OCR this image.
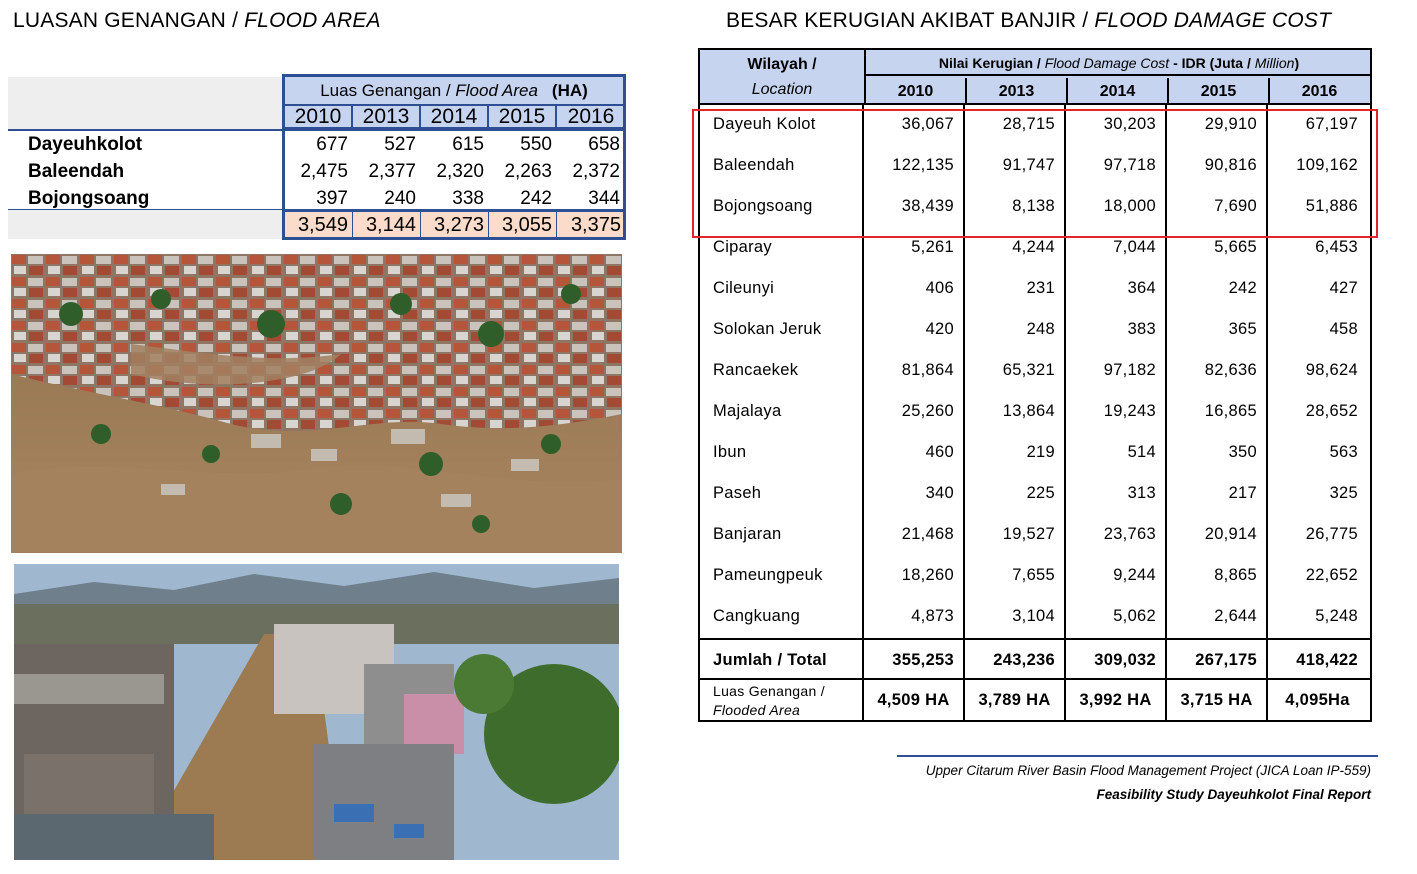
LUASAN GENANGAN / FLOOD AREA	BESAR KERUGIAN AKIBAT BANJIR / FLOOD DAMAGE COST
Luas Genangan / Flood Area (HA)
2010	2013	2014	2015	2016
Dayeuhkolot	677	527	615	550	658
Baleendah	2,475	2,377	2,320	2,263	2,372
Bojongsoang	397	240	338	242	344
3,549 3,144 3,273 3,055 3,375
Wilayah /
Location
Nilai Kerugian / Flood Damage Cost - IDR (Juta / Million)
2010	2013	2014	2015	2016
Dayeuh Kolot	36,067	28,715	30,203	29,910	67,197
Baleendah	122,135	91,747	97,718	90,816	109,162
Bojongsoang	38,439	8,138	18,000	7,690	51,886
Ciparay	5,261	4,244	7,044	5,665	6,453
Cileunyi	406	231	364	242	427
Solokan Jeruk	420	248	383	365	458
Rancaekek	81,864	65,321	97,182	82,636	98,624
Majalaya	25,260	13,864	19,243	16,865	28,652
Ibun	460	219	514	350	563
Paseh	340	225	313	217	325
Banjaran	21,468	19,527	23,763	20,914	26,775
Pameungpeuk	18,260	7,655	9,244	8,865	22,652
Cangkuang	4,873	3,104	5,062	2,644	5,248
Jumlah / Total	355,253	243,236	309,032	267,175	418,422
Luas Genangan /
Flooded Area
4,509 HA	3,789 HA	3,992 HA	3,715 HA	4,095Ha
Upper Citarum River Basin Flood Management Project (JICA Loan IP-559)
Feasibility Study Dayeuhkolot Final Report
